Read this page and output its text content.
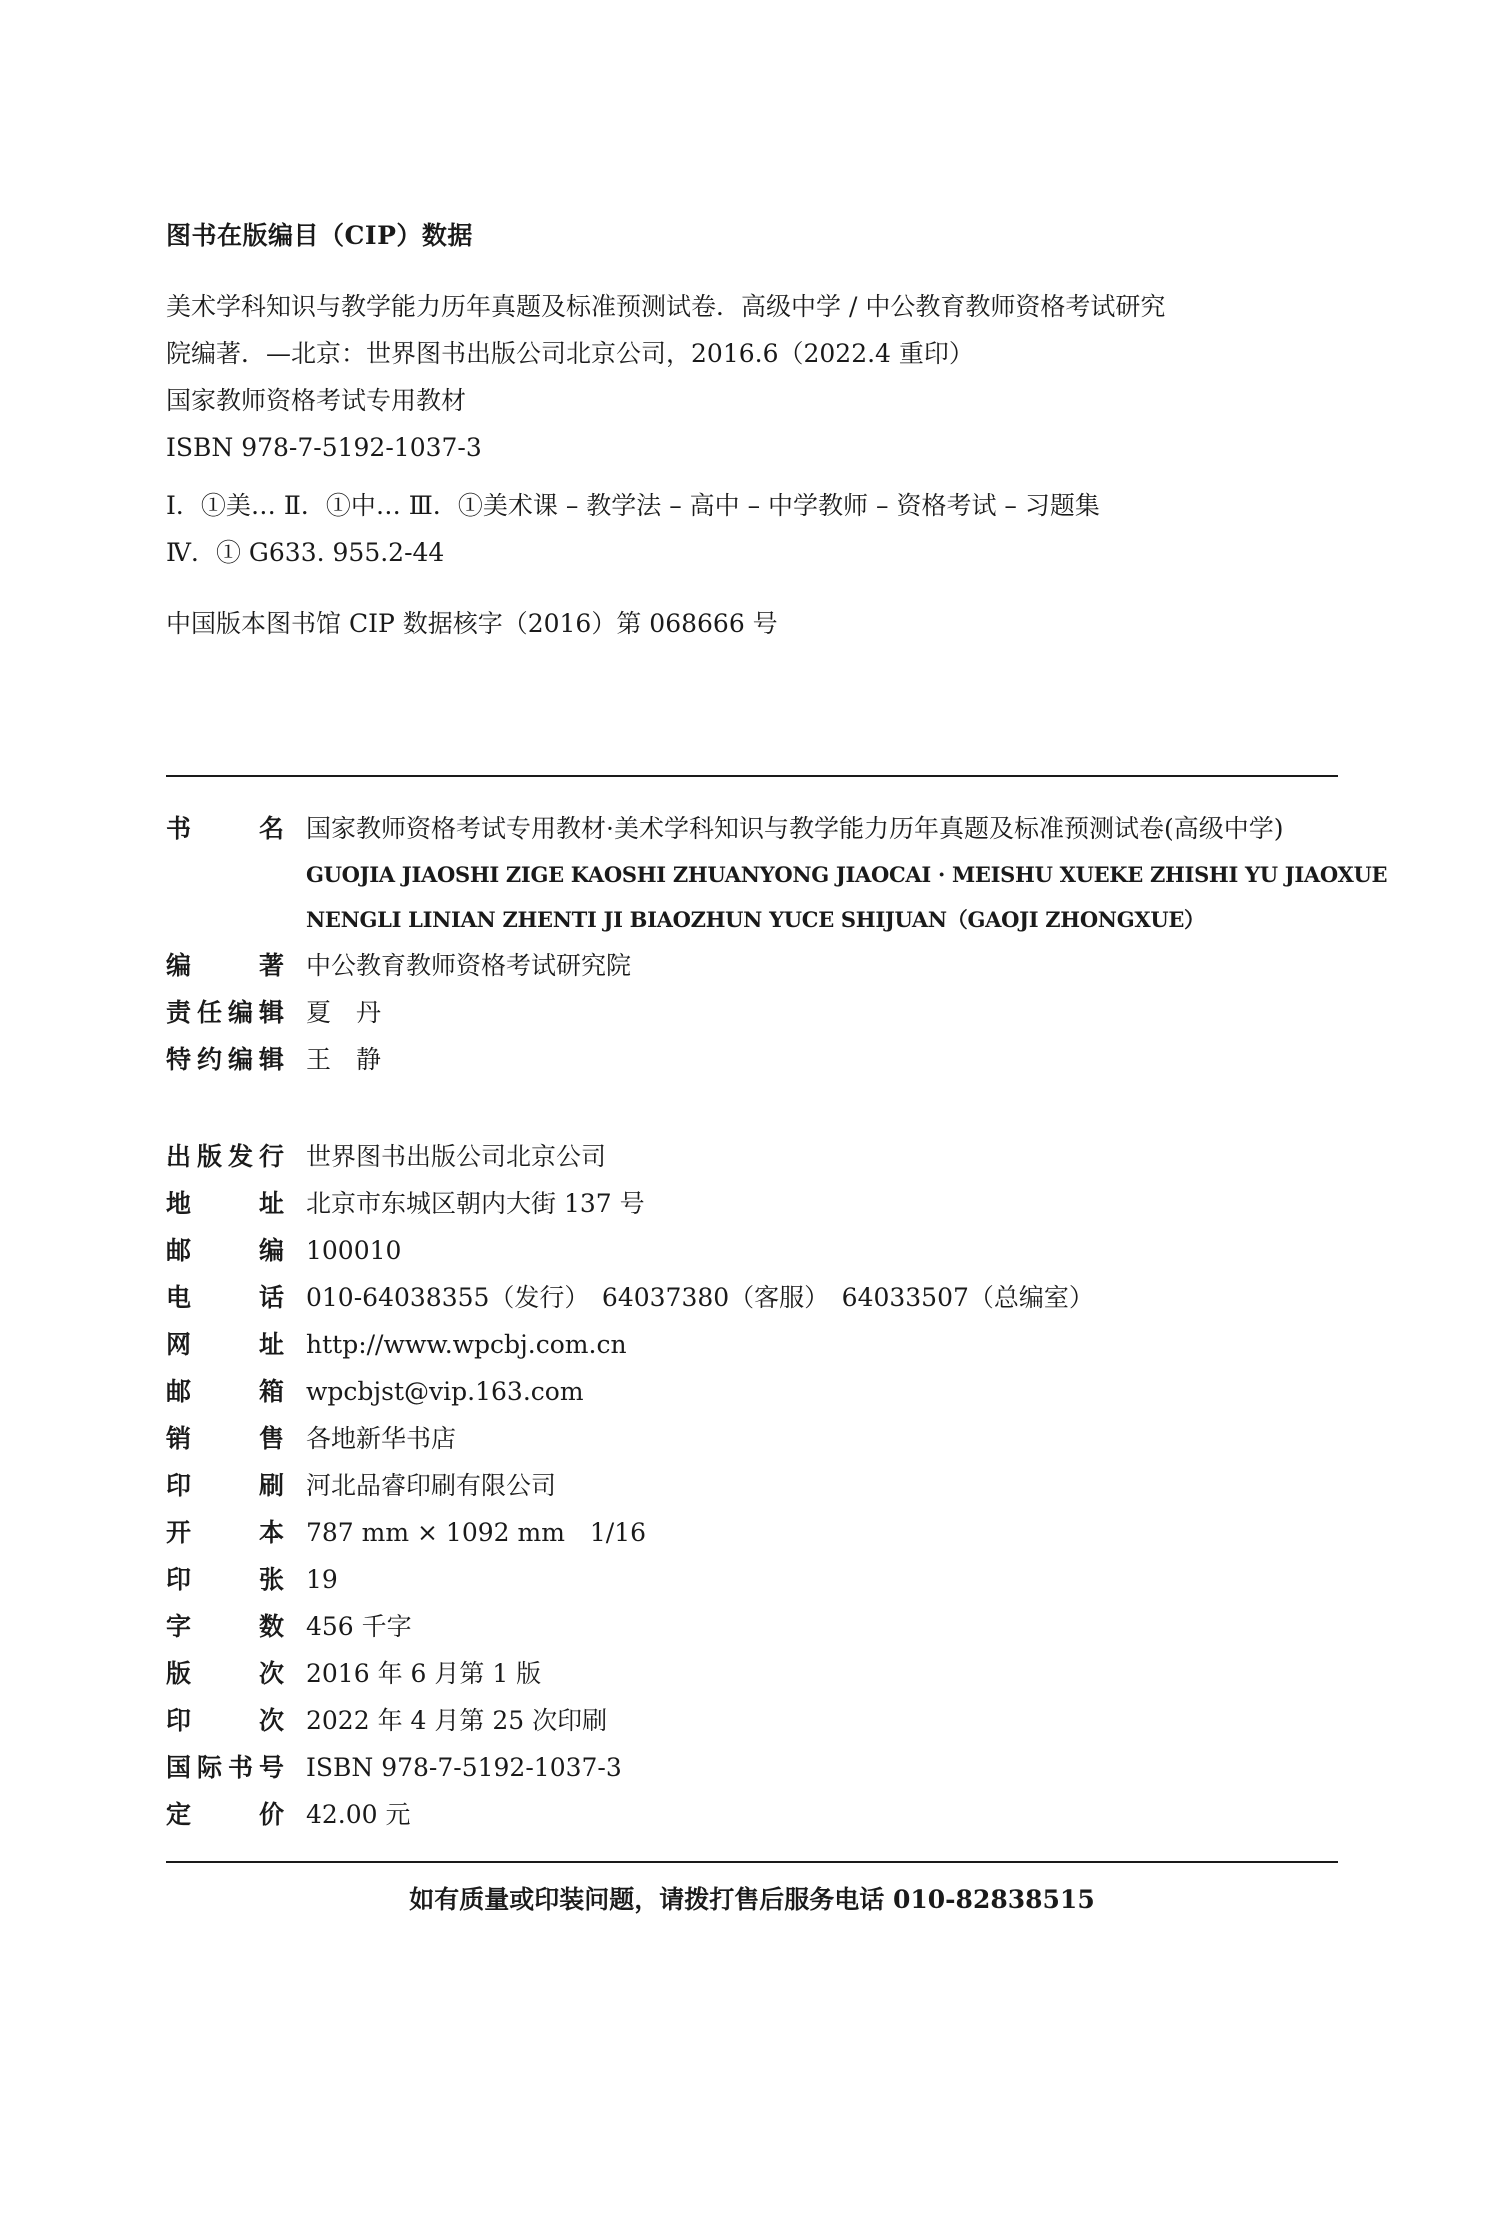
图书在版编目（CIP）数据
美术学科知识与教学能力历年真题及标准预测试卷．高级中学 / 中公教育教师资格考试研究
院编著．—北京：世界图书出版公司北京公司，2016.6（2022.4 重印）
国家教师资格考试专用教材
ISBN 978-7-5192-1037-3
Ⅰ．①美… Ⅱ．①中… Ⅲ．①美术课 – 教学法 – 高中 – 中学教师 – 资格考试 – 习题集
Ⅳ．① G633. 955.2-44
中国版本图书馆 CIP 数据核字（2016）第 068666 号
书	名 国家教师资格考试专用教材·美术学科知识与教学能力历年真题及标准预测试卷(高级中学)
GUOJIA JIAOSHI ZIGE KAOSHI ZHUANYONG JIAOCAI · MEISHU XUEKE ZHISHI YU JIAOXUE
NENGLI LINIAN ZHENTI JI BIAOZHUN YUCE SHIJUAN（GAOJI ZHONGXUE）
编	著 中公教育教师资格考试研究院
责 任 编 辑 夏　丹
特 约 编 辑 王　静
出 版 发 行 世界图书出版公司北京公司
地	址 北京市东城区朝内大街 137 号
邮	编 100010
电	话 010-64038355（发行）　64037380（客服）　64033507（总编室）
网	址 http://www.wpcbj.com.cn
邮	箱 wpcbjst@vip.163.com
销	售 各地新华书店
印	刷 河北品睿印刷有限公司
开	本 787 mm × 1092 mm　1/16
印	张 19
字	数 456 千字
版	次 2016 年 6 月第 1 版
印	次 2022 年 4 月第 25 次印刷
国 际 书 号 ISBN 978-7-5192-1037-3
定	价 42.00 元
如有质量或印装问题，请拨打售后服务电话 010-82838515
